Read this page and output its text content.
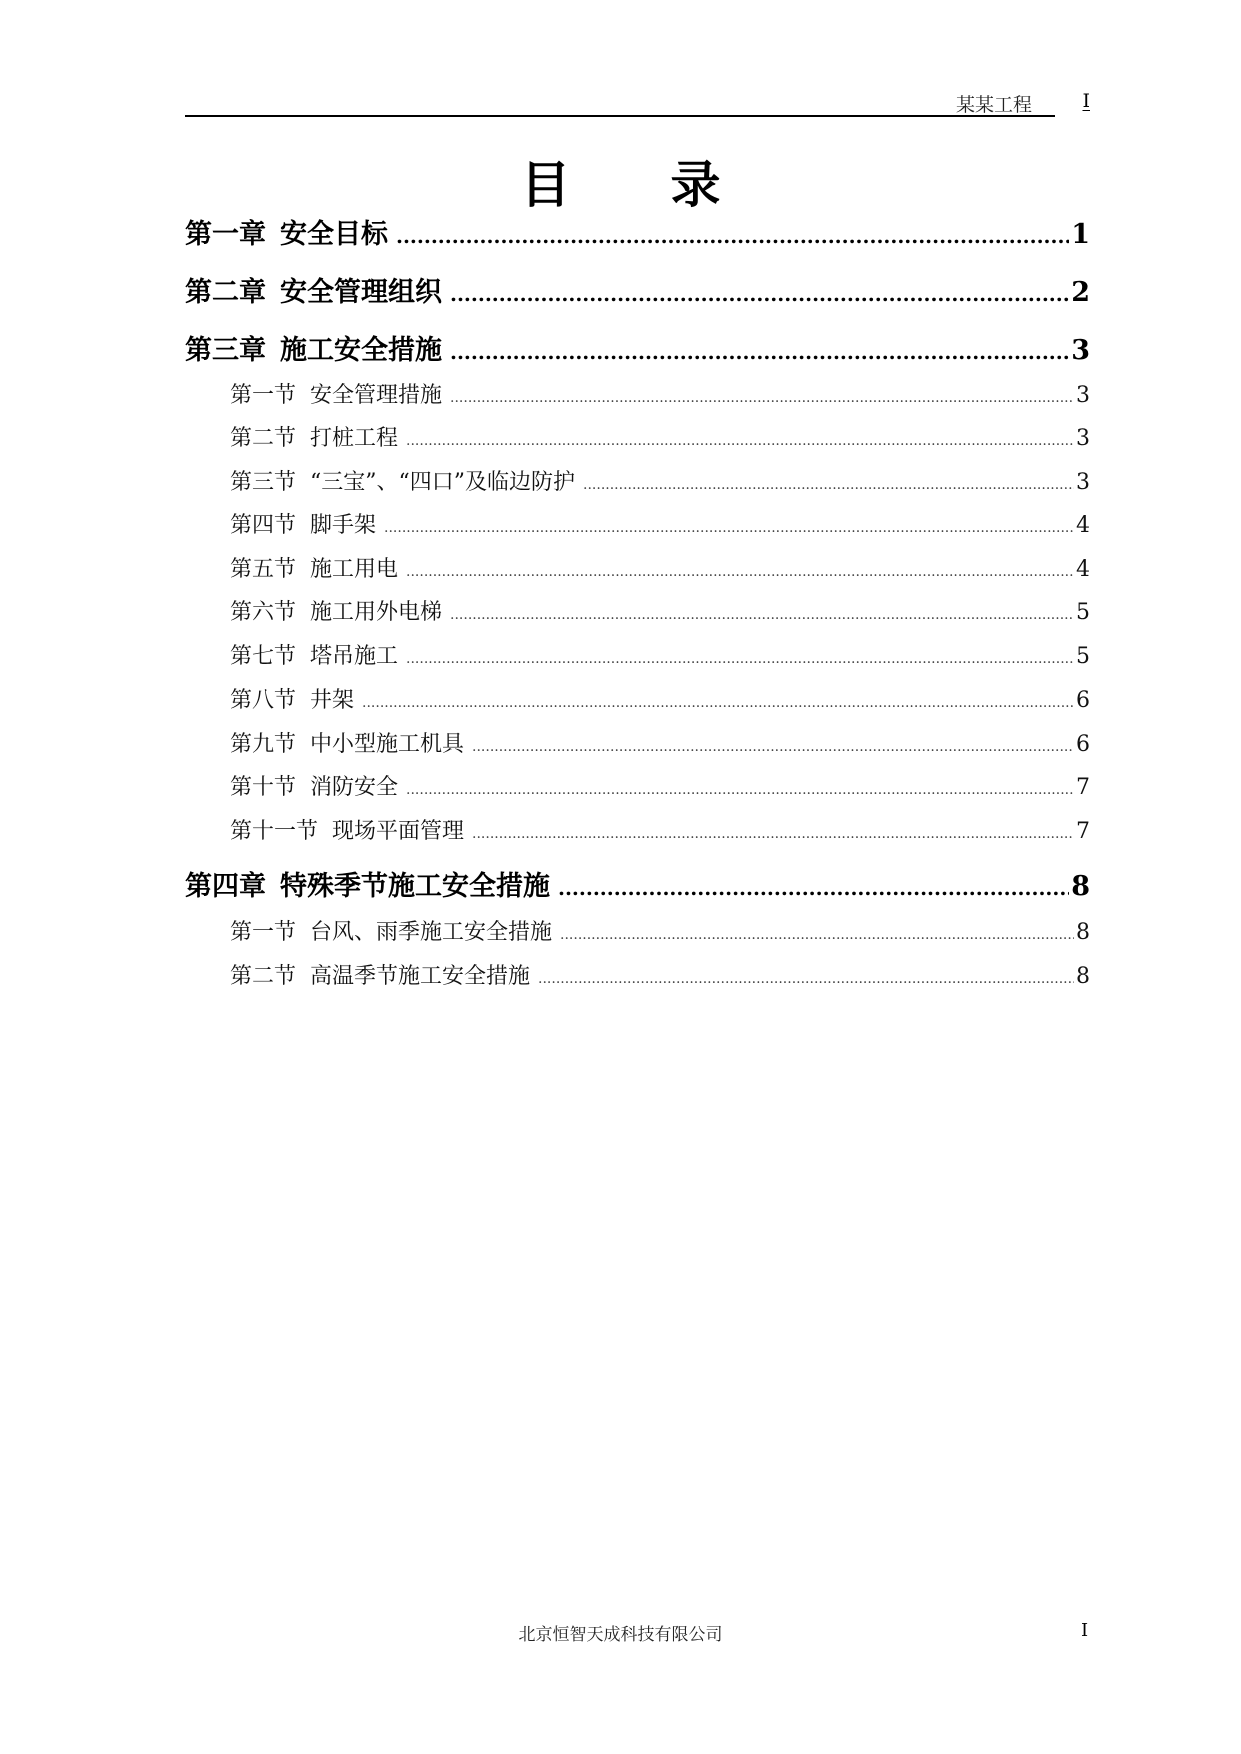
某某工程	I
目录
第一章 安全目标 .....	1
第二章 安全管理组织 .....	2
第三章 施工安全措施 .....	3
第一节 安全管理措施 .....	3
第二节 打桩工程 .....	3
第三节 “三宝”、“四口”及临边防护 .....	3
第四节 脚手架 .....	4
第五节 施工用电 .....	4
第六节 施工用外电梯 .....	5
第七节 塔吊施工 .....	5
第八节 井架 .....	6
第九节 中小型施工机具 .....	6
第十节 消防安全 .....	7
第十一节 现场平面管理 .....	7
第四章 特殊季节施工安全措施 .....	8
第一节 台风、雨季施工安全措施 .....	8
第二节 高温季节施工安全措施 .....	8
北京恒智天成科技有限公司	I
